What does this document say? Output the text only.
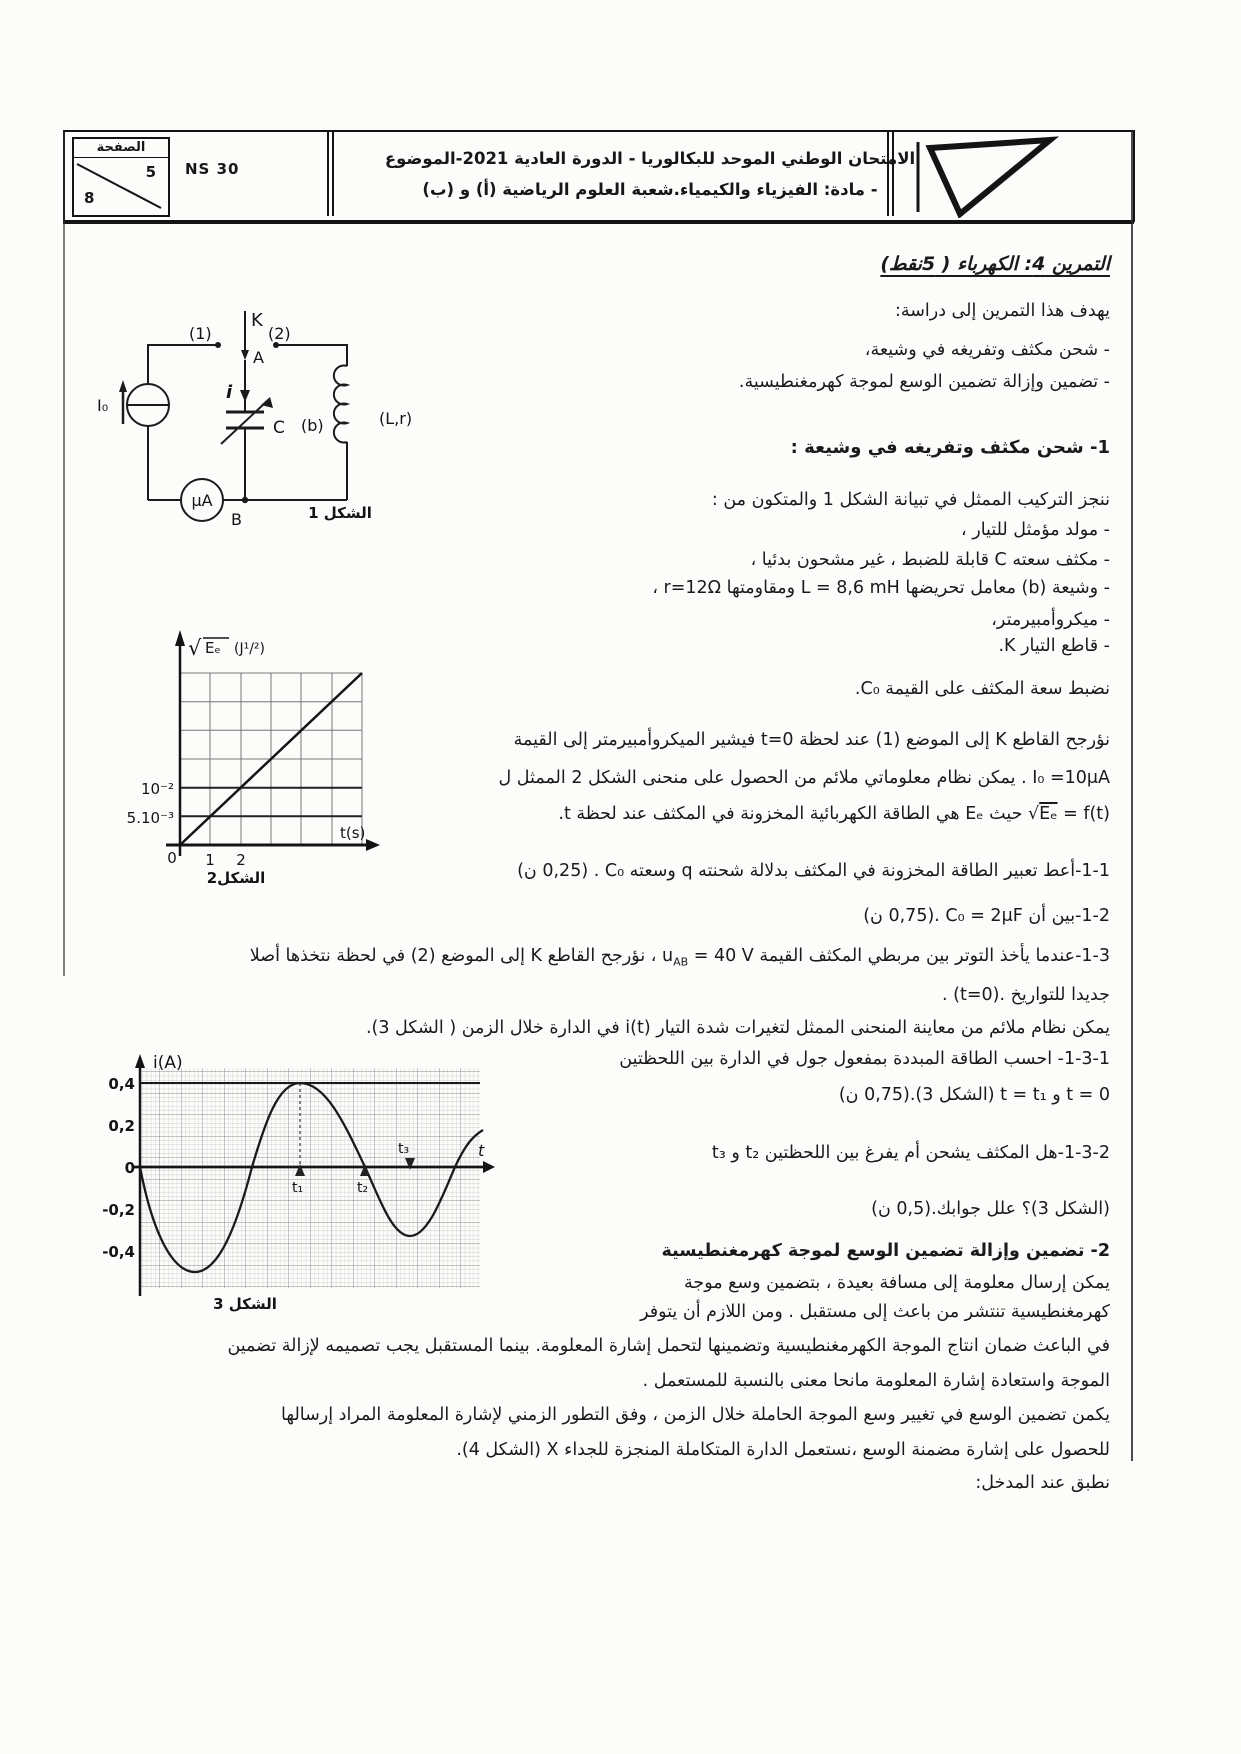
الصفحة
5
8
NS 30
الامتحان الوطني الموحد للبكالوريا - الدورة العادية 2021-الموضوع
- مادة: الفيزياء والكيمياء.شعبة العلوم الرياضية (أ) و (ب)
التمرين 4: الكهرباء ( 5نقط)
يهدف هذا التمرين إلى دراسة:
- شحن مكثف وتفريغه في وشيعة،
- تضمين وإزالة تضمين الوسع لموجة كهرمغنطيسية.
(1)
K
(2)
A
i
C (b)	(L,r)
I₀
μA
B	الشكل 1
1- شحن مكثف وتفريغه في وشيعة :
ننجز التركيب الممثل في تبيانة الشكل 1 والمتكون من :
- مولد مؤمثل للتيار ،
- مكثف سعته C قابلة للضبط ، غير مشحون بدئيا ،
- وشيعة (b) معامل تحريضها L = 8,6 mH ومقاومتها r=12Ω ،
- ميكروأمبيرمتر،
- قاطع التيار K.
√ Eₑ (J¹/²)
10⁻²
5.10⁻³
0 1 2
t(s)
الشكل2
نضبط سعة المكثف على القيمة C₀.
نؤرجح القاطع K إلى الموضع (1) عند لحظة t=0 فيشير الميكروأمبيرمتر إلى القيمة
I₀ =10μA . يمكن نظام معلوماتي ملائم من الحصول على منحنى الشكل 2 الممثل ل
√Eₑ = f(t) حيث Eₑ هي الطاقة الكهربائية المخزونة في المكثف عند لحظة t.
1-1-أعط تعبير الطاقة المخزونة في المكثف بدلالة شحنته q وسعته C₀ . (0,25 ن)
1-2-بين أن C₀ = 2μF .(0,75 ن)
1-3-عندما يأخذ التوتر بين مربطي المكثف القيمة $u_{AB} = 40$ V ، نؤرجح القاطع K إلى الموضع (2) في لحظة نتخذها أصلا
جديدا للتواريخ .(t=0) .
يمكن نظام ملائم من معاينة المنحنى الممثل لتغيرات شدة التيار i(t) في الدارة خلال الزمن ( الشكل 3).
1-3-1- احسب الطاقة المبددة بمفعول جول في الدارة بين اللحظتين
t = 0 و t = t₁ (الشكل 3).(0,75 ن)
1-3-2-هل المكثف يشحن أم يفرغ بين اللحظتين t₂ و t₃
(الشكل 3)؟ علل جوابك.(0,5 ن)
0,4
0,2
0
-0,2
-0,4
i(A)
t
t₁	t₂
t₃
الشكل 3
2- تضمين وإزالة تضمين الوسع لموجة كهرمغنطيسية
يمكن إرسال معلومة إلى مسافة بعيدة ، بتضمين وسع موجة
كهرمغنطيسية تنتشر من باعث إلى مستقبل . ومن اللازم أن يتوفر
في الباعث ضمان انتاج الموجة الكهرمغنطيسية وتضمينها لتحمل إشارة المعلومة. بينما المستقبل يجب تصميمه لإزالة تضمين
الموجة واستعادة إشارة المعلومة مانحا معنى بالنسبة للمستعمل .
يكمن تضمين الوسع في تغيير وسع الموجة الحاملة خلال الزمن ، وفق التطور الزمني لإشارة المعلومة المراد إرسالها
للحصول على إشارة مضمنة الوسع ،نستعمل الدارة المتكاملة المنجزة للجداء X (الشكل 4).
نطبق عند المدخل:
